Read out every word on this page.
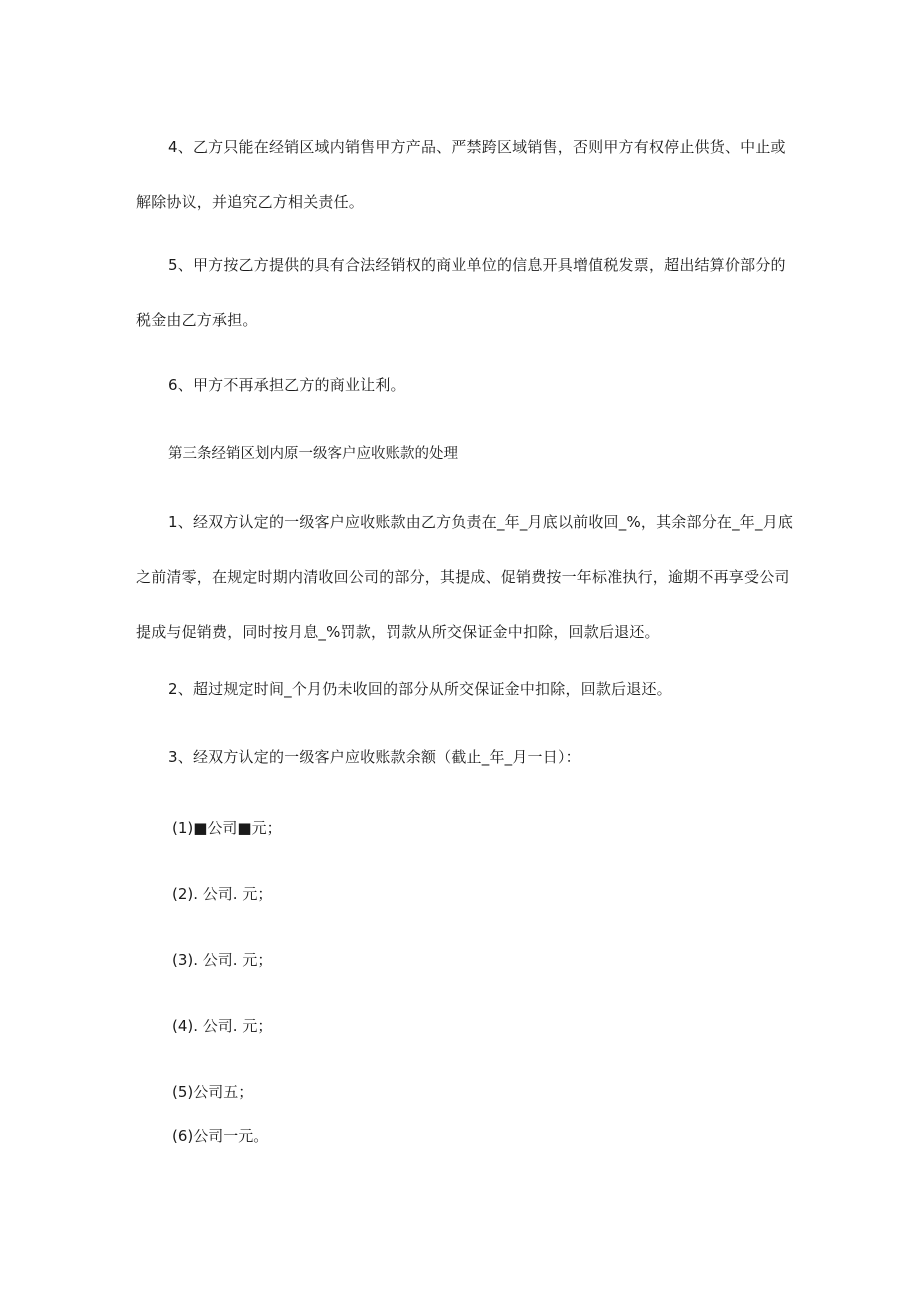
4、乙方只能在经销区域内销售甲方产品、严禁跨区域销售，否则甲方有权停止供货、中止或解除协议，并追究乙方相关责任。

5、甲方按乙方提供的具有合法经销权的商业单位的信息开具增值税发票，超出结算价部分的税金由乙方承担。

6、甲方不再承担乙方的商业让利。

第三条经销区划内原一级客户应收账款的处理

1、经双方认定的一级客户应收账款由乙方负责在_年_月底以前收回_%，其余部分在_年_月底之前清零，在规定时期内清收回公司的部分，其提成、促销费按一年标准执行，逾期不再享受公司提成与促销费，同时按月息_%罚款，罚款从所交保证金中扣除，回款后退还。

2、超过规定时间_个月仍未收回的部分从所交保证金中扣除，回款后退还。

3、经双方认定的一级客户应收账款余额（截止_年_月一日）：

(1)■公司■元；

(2). 公司. 元；

(3). 公司. 元；

(4). 公司. 元；

(5)公司五；

(6)公司一元。
